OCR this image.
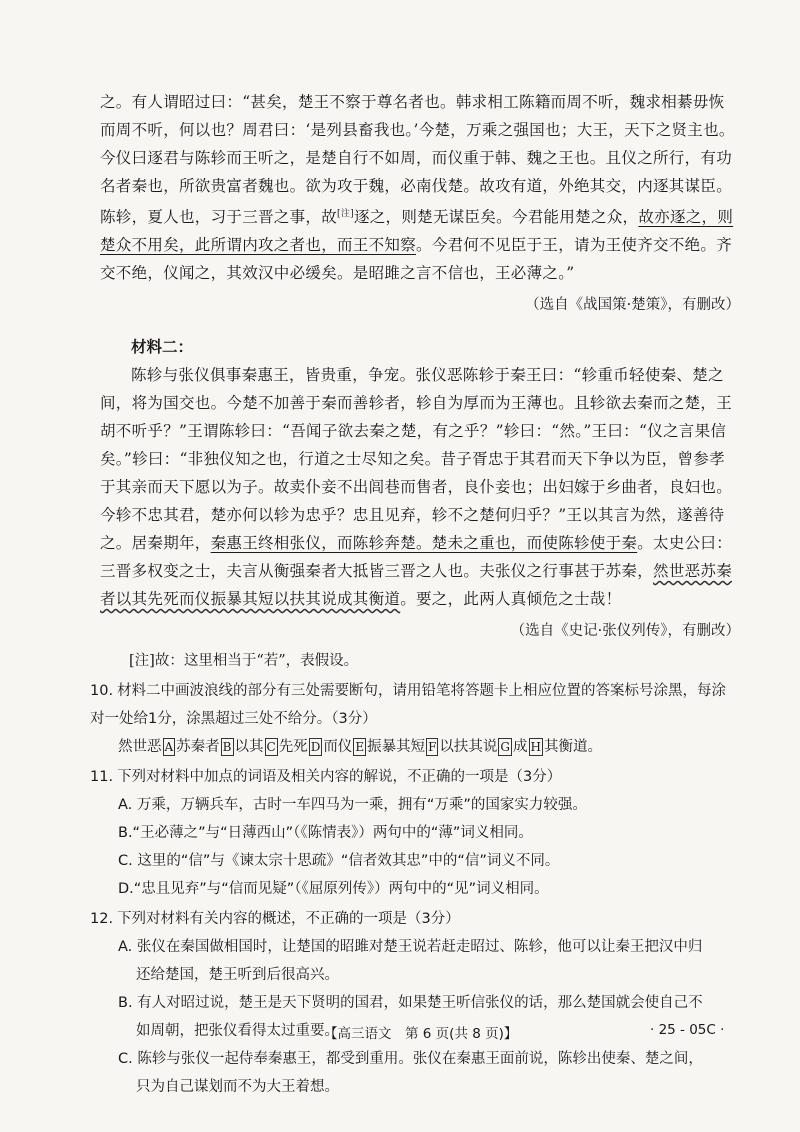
之。有人谓昭过曰：“甚矣，楚王不察于尊名者也。韩求相工陈籍而周不听，魏求相綦毋恢而周不听，何以也？周君曰：‘是列县畜我也。’今楚，万乘之强国也；大王，天下之贤主也。今仪曰逐君与陈轸而王听之，是楚自行不如周，而仪重于韩、魏之王也。且仪之所行，有功名者秦也，所欲贵富者魏也。欲为攻于魏，必南伐楚。故攻有道，外绝其交，内逐其谋臣。陈轸，夏人也，习于三晋之事，故[注]逐之，则楚无谋臣矣。今君能用楚之众，故亦逐之，则楚众不用矣，此所谓内攻之者也，而王不知察。今君何不见臣于王，请为王使齐交不绝。齐交不绝，仪闻之，其效汉中必缓矣。是昭雎之言不信也，王必薄之。”

（选自《战国策·楚策》，有删改）

材料二：

陈轸与张仪俱事秦惠王，皆贵重，争宠。张仪恶陈轸于秦王曰：“轸重币轻使秦、楚之间，将为国交也。今楚不加善于秦而善轸者，轸自为厚而为王薄也。且轸欲去秦而之楚，王胡不听乎？”王谓陈轸曰：“吾闻子欲去秦之楚，有之乎？”轸曰：“然。”王曰：“仪之言果信矣。”轸曰：“非独仪知之也，行道之士尽知之矣。昔子胥忠于其君而天下争以为臣，曾参孝于其亲而天下愿以为子。故卖仆妾不出闾巷而售者，良仆妾也；出妇嫁于乡曲者，良妇也。今轸不忠其君，楚亦何以轸为忠乎？忠且见弃，轸不之楚何归乎？”王以其言为然，遂善待之。居秦期年，秦惠王终相张仪，而陈轸奔楚。楚未之重也，而使陈轸使于秦。太史公曰：三晋多权变之士，夫言从衡强秦者大抵皆三晋之人也。夫张仪之行事甚于苏秦，然世恶苏秦者以其先死而仪振暴其短以扶其说成其衡道。要之，此两人真倾危之士哉！

（选自《史记·张仪列传》，有删改）

[注]故：这里相当于“若”，表假设。

10. 材料二中画波浪线的部分有三处需要断句，请用铅笔将答题卡上相应位置的答案标号涂黑，每涂对一处给1分，涂黑超过三处不给分。（3分）

然世恶 A 苏秦者 B 以其 C 先死 D 而仪 E 振暴其短 F 以扶其说 G 成 H 其衡道。

11. 下列对材料中加点的词语及相关内容的解说，不正确的一项是（3分）

A. 万乘，万辆兵车，古时一车四马为一乘，拥有“万乘”的国家实力较强。

B.“王必薄之”与“日薄西山”（《陈情表》）两句中的“薄”词义相同。

C. 这里的“信”与《谏太宗十思疏》“信者效其忠”中的“信”词义不同。

D.“忠且见弃”与“信而见疑”（《屈原列传》）两句中的“见”词义相同。

12. 下列对材料有关内容的概述，不正确的一项是（3分）

A. 张仪在秦国做相国时，让楚国的昭雎对楚王说若赶走昭过、陈轸，他可以让秦王把汉中归

还给楚国，楚王听到后很高兴。

B. 有人对昭过说，楚王是天下贤明的国君，如果楚王听信张仪的话，那么楚国就会使自己不

如周朝，把张仪看得太过重要。

C. 陈轸与张仪一起侍奉秦惠王，都受到重用。张仪在秦惠王面前说，陈轸出使秦、楚之间，

只为自己谋划而不为大王着想。

【高三语文　第 6 页(共 8 页)】	· 25 - 05C ·
